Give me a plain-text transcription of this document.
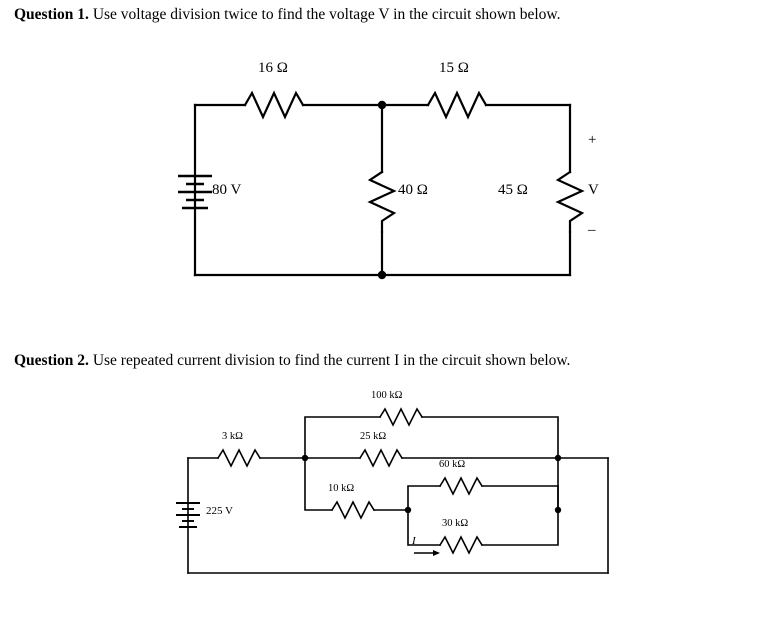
Question 1. Use voltage division twice to find the voltage V in the circuit shown below.
16 Ω	15 Ω
40 Ω	45 Ω	V
+
–
80 V
Question 2. Use repeated current division to find the current I in the circuit shown below.
100 kΩ
3 kΩ	25 kΩ
60 kΩ
10 kΩ
30 kΩ
I
225 V
